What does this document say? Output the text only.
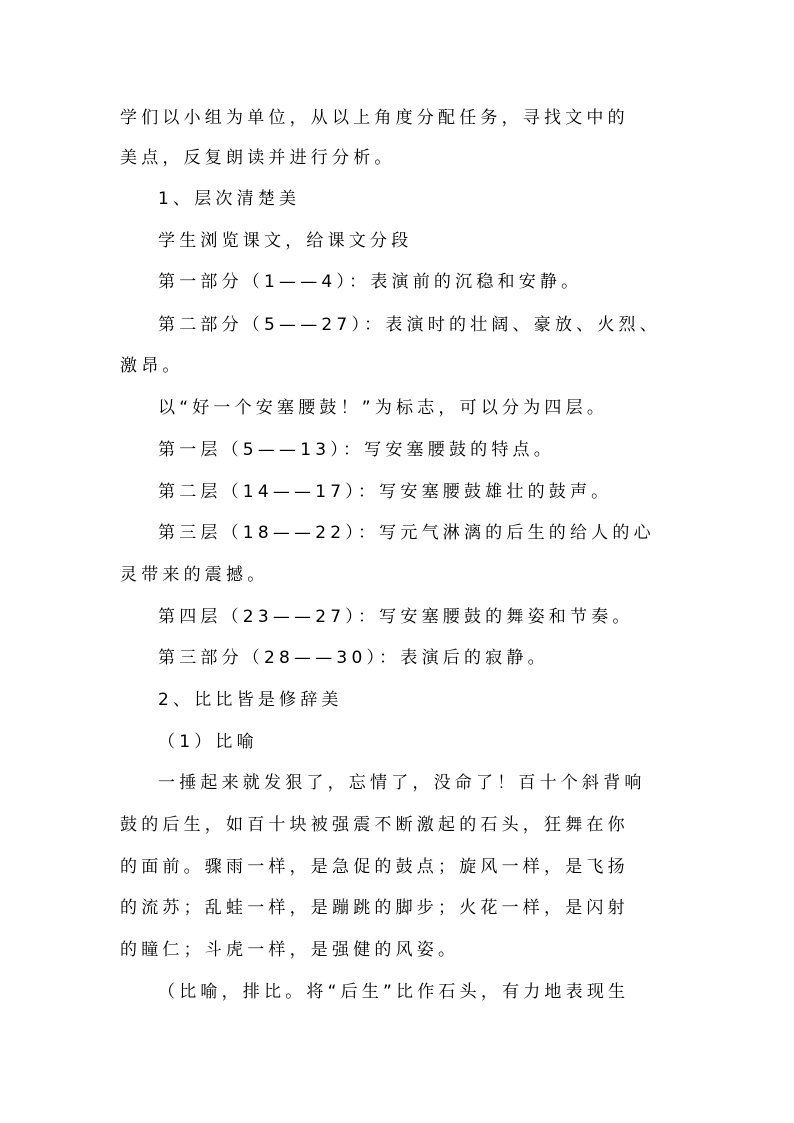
学们以小组为单位，从以上角度分配任务，寻找文中的
美点，反复朗读并进行分析。
1、层次清楚美
学生浏览课文，给课文分段
第一部分（1——4）：表演前的沉稳和安静。
第二部分（5——27）：表演时的壮阔、豪放、火烈、
激昂。
以“好一个安塞腰鼓！”为标志，可以分为四层。
第一层（5——13）：写安塞腰鼓的特点。
第二层（14——17）：写安塞腰鼓雄壮的鼓声。
第三层（18——22）：写元气淋漓的后生的给人的心
灵带来的震撼。
第四层（23——27）：写安塞腰鼓的舞姿和节奏。
第三部分（28——30）：表演后的寂静。
2、比比皆是修辞美
（1）比喻
一捶起来就发狠了，忘情了，没命了！百十个斜背响
鼓的后生，如百十块被强震不断激起的石头，狂舞在你
的面前。骤雨一样，是急促的鼓点；旋风一样，是飞扬
的流苏；乱蛙一样，是蹦跳的脚步；火花一样，是闪射
的瞳仁；斗虎一样，是强健的风姿。
（比喻，排比。将“后生”比作石头，有力地表现生
